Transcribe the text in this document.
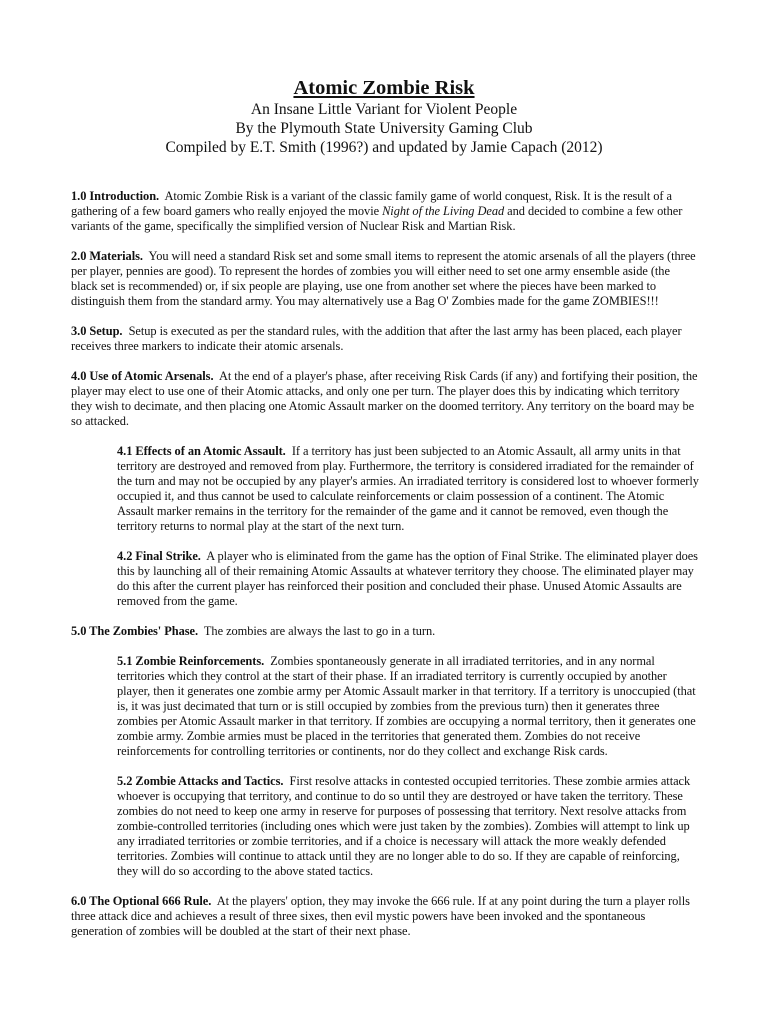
Atomic Zombie Risk

An Insane Little Variant for Violent People

By the Plymouth State University Gaming Club

Compiled by E.T. Smith (1996?) and updated by Jamie Capach (2012)

1.0 Introduction. Atomic Zombie Risk is a variant of the classic family game of world conquest, Risk. It is the result of a gathering of a few board gamers who really enjoyed the movie Night of the Living Dead and decided to combine a few other variants of the game, specifically the simplified version of Nuclear Risk and Martian Risk.

2.0 Materials. You will need a standard Risk set and some small items to represent the atomic arsenals of all the players (three per player, pennies are good). To represent the hordes of zombies you will either need to set one army ensemble aside (the black set is recommended) or, if six people are playing, use one from another set where the pieces have been marked to distinguish them from the standard army. You may alternatively use a Bag O' Zombies made for the game ZOMBIES!!!

3.0 Setup. Setup is executed as per the standard rules, with the addition that after the last army has been placed, each player receives three markers to indicate their atomic arsenals.

4.0 Use of Atomic Arsenals. At the end of a player's phase, after receiving Risk Cards (if any) and fortifying their position, the player may elect to use one of their Atomic attacks, and only one per turn. The player does this by indicating which territory they wish to decimate, and then placing one Atomic Assault marker on the doomed territory. Any territory on the board may be so attacked.

4.1 Effects of an Atomic Assault. If a territory has just been subjected to an Atomic Assault, all army units in that territory are destroyed and removed from play. Furthermore, the territory is considered irradiated for the remainder of the turn and may not be occupied by any player's armies. An irradiated territory is considered lost to whoever formerly occupied it, and thus cannot be used to calculate reinforcements or claim possession of a continent. The Atomic Assault marker remains in the territory for the remainder of the game and it cannot be removed, even though the territory returns to normal play at the start of the next turn.

4.2 Final Strike. A player who is eliminated from the game has the option of Final Strike. The eliminated player does this by launching all of their remaining Atomic Assaults at whatever territory they choose. The eliminated player may do this after the current player has reinforced their position and concluded their phase. Unused Atomic Assaults are removed from the game.

5.0 The Zombies' Phase. The zombies are always the last to go in a turn.

5.1 Zombie Reinforcements. Zombies spontaneously generate in all irradiated territories, and in any normal territories which they control at the start of their phase. If an irradiated territory is currently occupied by another player, then it generates one zombie army per Atomic Assault marker in that territory. If a territory is unoccupied (that is, it was just decimated that turn or is still occupied by zombies from the previous turn) then it generates three zombies per Atomic Assault marker in that territory. If zombies are occupying a normal territory, then it generates one zombie army. Zombie armies must be placed in the territories that generated them. Zombies do not receive reinforcements for controlling territories or continents, nor do they collect and exchange Risk cards.

5.2 Zombie Attacks and Tactics. First resolve attacks in contested occupied territories. These zombie armies attack whoever is occupying that territory, and continue to do so until they are destroyed or have taken the territory. These zombies do not need to keep one army in reserve for purposes of possessing that territory. Next resolve attacks from zombie-controlled territories (including ones which were just taken by the zombies). Zombies will attempt to link up any irradiated territories or zombie territories, and if a choice is necessary will attack the more weakly defended territories. Zombies will continue to attack until they are no longer able to do so. If they are capable of reinforcing, they will do so according to the above stated tactics.

6.0 The Optional 666 Rule. At the players' option, they may invoke the 666 rule. If at any point during the turn a player rolls three attack dice and achieves a result of three sixes, then evil mystic powers have been invoked and the spontaneous generation of zombies will be doubled at the start of their next phase.
